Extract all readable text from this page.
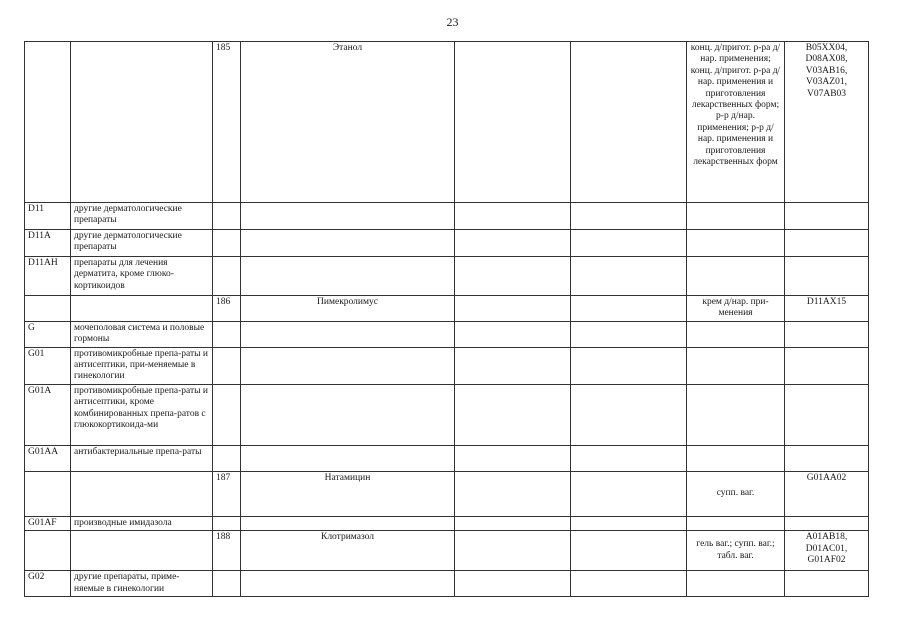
23
		185	Этанол			конц. д/пригот. р-ра д/нар. применения; конц. д/пригот. р-ра д/нар. применения и приготовления лекарственных форм; р-р д/нар. применения; р-р д/нар. применения и приготовления лекарственных форм	B05XX04, D08AX08, V03AB16, V03AZ01, V07AB03
D11	другие дерматологические препараты						
D11A	другие дерматологические препараты						
D11AH	препараты для лечения дерматита, кроме глюко-кортикоидов						
		186	Пимекролимус			крем д/нар. при-менения	D11AX15
G	мочеполовая система и половые гормоны						
G01	противомикробные препа-раты и антисептики, при-меняемые в гинекологии						
G01A	противомикробные препа-раты и антисептики, кроме комбинированных препа-ратов с глюкокортикоида-ми						
G01AA	антибактериальные препа-раты						
		187	Натамицин			супп. ваг.	G01AA02
G01AF	производные имидазола						
		188	Клотримазол			гель ваг.; супп. ваг.; табл. ваг.	A01AB18, D01AC01, G01AF02
G02	другие препараты, приме-няемые в гинекологии						
